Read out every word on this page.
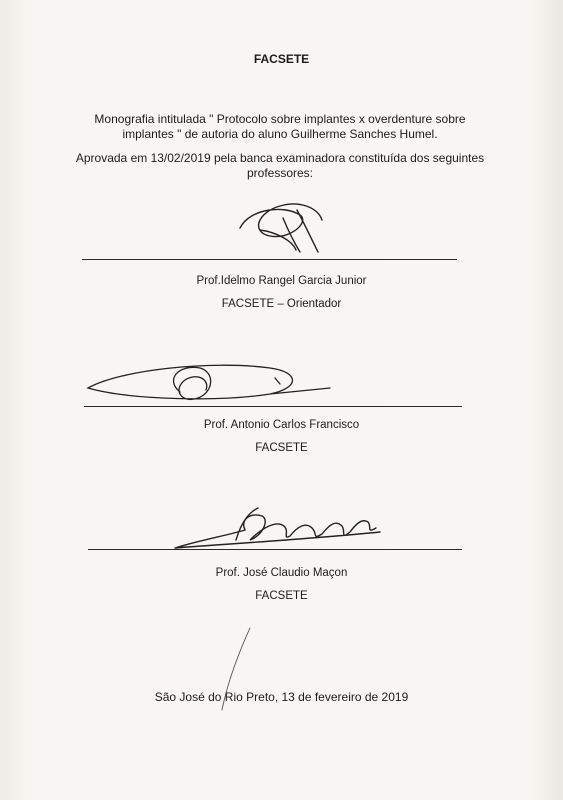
FACSETE
Monografia intitulada " Protocolo sobre implantes x overdenture sobre
implantes " de autoria do aluno Guilherme Sanches Humel.
Aprovada em 13/02/2019 pela banca examinadora constituída dos seguintes
professores:
Prof.Idelmo Rangel Garcia Junior
FACSETE – Orientador
Prof. Antonio Carlos Francisco
FACSETE
Prof. José Claudio Maçon
FACSETE
São José do Rio Preto, 13 de fevereiro de 2019
